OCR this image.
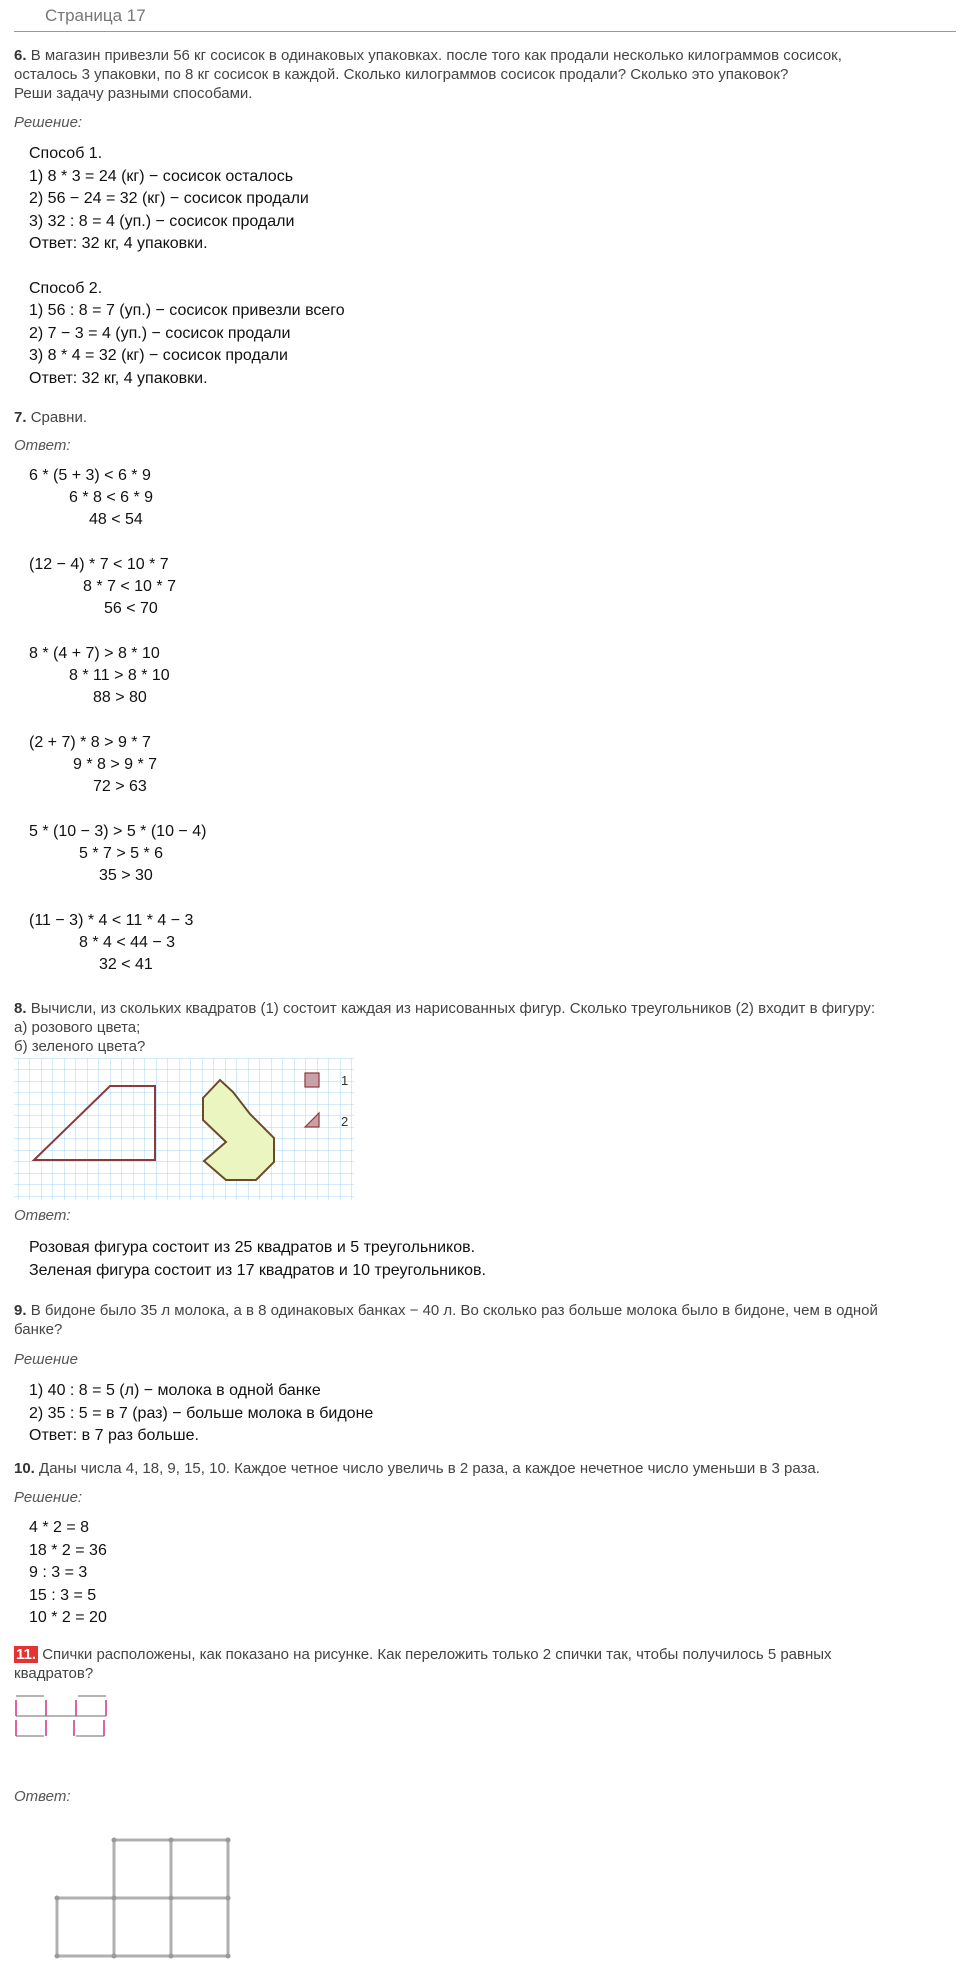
Страница 17
6. В магазин привезли 56 кг сосисок в одинаковых упаковках. после того как продали несколько килограммов сосисок,
осталось 3 упаковки, по 8 кг сосисок в каждой. Сколько килограммов сосисок продали? Сколько это упаковок?
Реши задачу разными способами.
Решение:
Способ 1.
1) 8 * 3 = 24 (кг) − сосисок осталось
2) 56 − 24 = 32 (кг) − сосисок продали
3) 32 : 8 = 4 (уп.) − сосисок продали
Ответ: 32 кг, 4 упаковки.
Способ 2.
1) 56 : 8 = 7 (уп.) − сосисок привезли всего
2) 7 − 3 = 4 (уп.) − сосисок продали
3) 8 * 4 = 32 (кг) − сосисок продали
Ответ: 32 кг, 4 упаковки.
7. Сравни.
Ответ:
6 * (5 + 3) < 6 * 9
6 * 8 < 6 * 9
48 < 54
(12 − 4) * 7 < 10 * 7
8 * 7 < 10 * 7
56 < 70
8 * (4 + 7) > 8 * 10
8 * 11 > 8 * 10
88 > 80
(2 + 7) * 8 > 9 * 7
9 * 8 > 9 * 7
72 > 63
5 * (10 − 3) > 5 * (10 − 4)
5 * 7 > 5 * 6
35 > 30
(11 − 3) * 4 < 11 * 4 − 3
8 * 4 < 44 − 3
32 < 41
8. Вычисли, из скольких квадратов (1) состоит каждая из нарисованных фигур. Сколько треугольников (2) входит в фигуру:
а) розового цвета;
б) зеленого цвета?
1
2
Ответ:
Розовая фигура состоит из 25 квадратов и 5 треугольников.
Зеленая фигура состоит из 17 квадратов и 10 треугольников.
9. В бидоне было 35 л молока, а в 8 одинаковых банках − 40 л. Во сколько раз больше молока было в бидоне, чем в одной
банке?
Решение
1) 40 : 8 = 5 (л) − молока в одной банке
2) 35 : 5 = в 7 (раз) − больше молока в бидоне
Ответ: в 7 раз больше.
10. Даны числа 4, 18, 9, 15, 10. Каждое четное число увеличь в 2 раза, а каждое нечетное число уменьши в 3 раза.
Решение:
4 * 2 = 8
18 * 2 = 36
9 : 3 = 3
15 : 3 = 5
10 * 2 = 20
11. Спички расположены, как показано на рисунке. Как переложить только 2 спички так, чтобы получилось 5 равных
квадратов?
Ответ:
